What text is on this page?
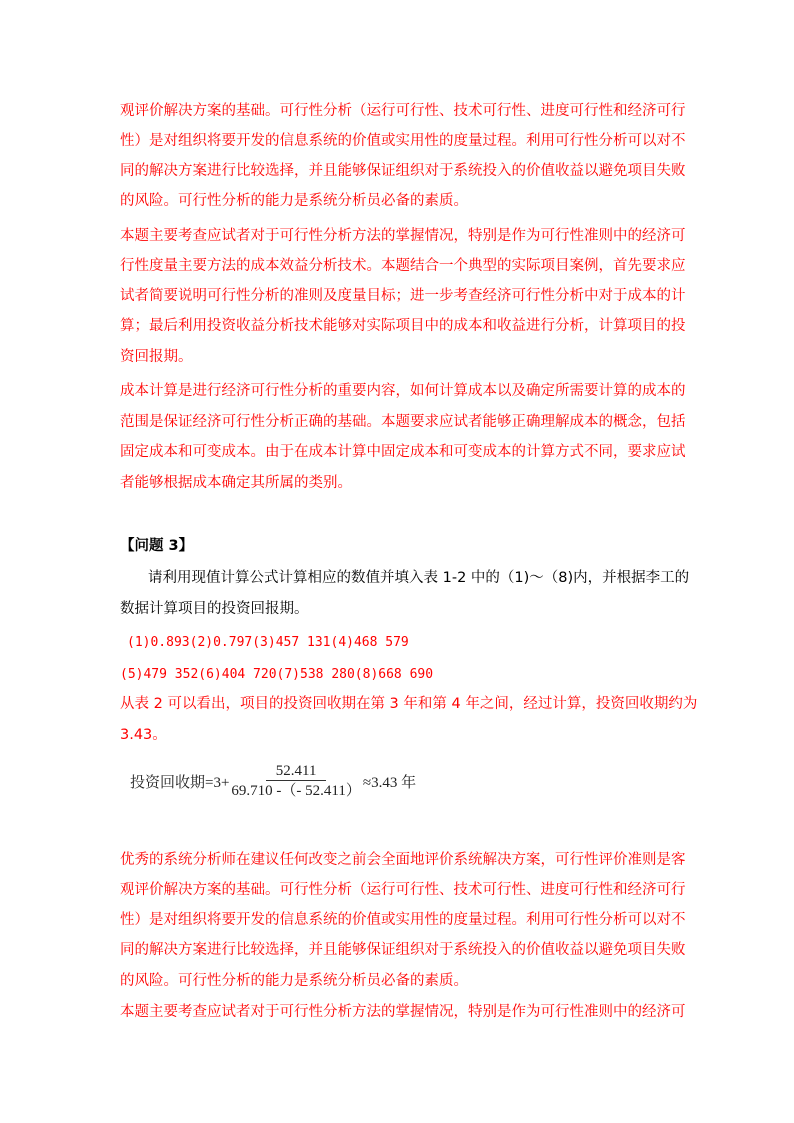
观评价解决方案的基础。可行性分析（运行可行性、技术可行性、进度可行性和经济可行
性）是对组织将要开发的信息系统的价值或实用性的度量过程。利用可行性分析可以对不
同的解决方案进行比较选择，并且能够保证组织对于系统投入的价值收益以避免项目失败
的风险。可行性分析的能力是系统分析员必备的素质。
本题主要考查应试者对于可行性分析方法的掌握情况，特别是作为可行性准则中的经济可
行性度量主要方法的成本效益分析技术。本题结合一个典型的实际项目案例，首先要求应
试者简要说明可行性分析的准则及度量目标；进一步考查经济可行性分析中对于成本的计
算；最后利用投资收益分析技术能够对实际项目中的成本和收益进行分析，计算项目的投
资回报期。
成本计算是进行经济可行性分析的重要内容，如何计算成本以及确定所需要计算的成本的
范围是保证经济可行性分析正确的基础。本题要求应试者能够正确理解成本的概念，包括
固定成本和可变成本。由于在成本计算中固定成本和可变成本的计算方式不同，要求应试
者能够根据成本确定其所属的类别。
【问题 3】
请利用现值计算公式计算相应的数值并填入表 1-2 中的（1)～（8)内，并根据李工的
数据计算项目的投资回报期。
(1)0.893(2)0.797(3)457 131(4)468 579
(5)479 352(6)404 720(7)538 280(8)668 690
从表 2 可以看出，项目的投资回收期在第 3 年和第 4 年之间，经过计算，投资回收期约为
3.43。
投资回收期$=3+ \frac{52.411}{69.710 -(- 52.411)} \approx 3.43$ 年
优秀的系统分析师在建议任何改变之前会全面地评价系统解决方案，可行性评价准则是客
观评价解决方案的基础。可行性分析（运行可行性、技术可行性、进度可行性和经济可行
性）是对组织将要开发的信息系统的价值或实用性的度量过程。利用可行性分析可以对不
同的解决方案进行比较选择，并且能够保证组织对于系统投入的价值收益以避免项目失败
的风险。可行性分析的能力是系统分析员必备的素质。
本题主要考查应试者对于可行性分析方法的掌握情况，特别是作为可行性准则中的经济可
